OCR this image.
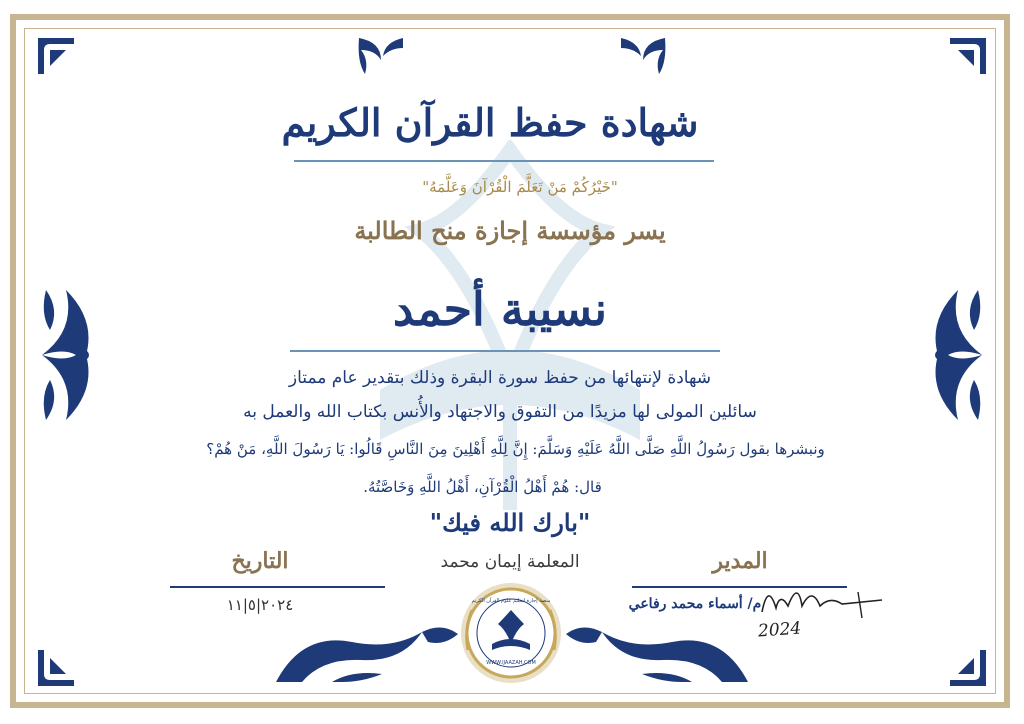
شهادة حفظ القرآن الكريم
"خَيْرُكُمْ مَنْ تَعَلَّمَ الْقُرْآنَ وَعَلَّمَهُ"
يسر مؤسسة إجازة منح الطالبة
نسيبة أحمد
شهادة لإنتهائها من حفظ سورة البقرة وذلك بتقدير عام ممتاز
سائلين المولى لها مزيدًا من التفوق والاجتهاد والأُنس بكتاب الله والعمل به
ونبشرها بقول رَسُولُ اللَّهِ صَلَّى اللَّهُ عَلَيْهِ وَسَلَّمَ: إِنَّ لِلَّهِ أَهْلِينَ مِنَ النَّاسِ قَالُوا: يَا رَسُولَ اللَّهِ، مَنْ هُمْ؟
قال: هُمْ أَهْلُ الْقُرْآنِ، أَهْلُ اللَّهِ وَخَاصَّتُهُ.
"بارك الله فيك"
التاريخ	المعلمة إيمان محمد	المدير
٢٠٢٤|٥|١١	م/ أسماء محمد رفاعي
2024
WWW.IJAAZAH.COM
منصة إجازة لتعليم علوم القرآن الكريم
